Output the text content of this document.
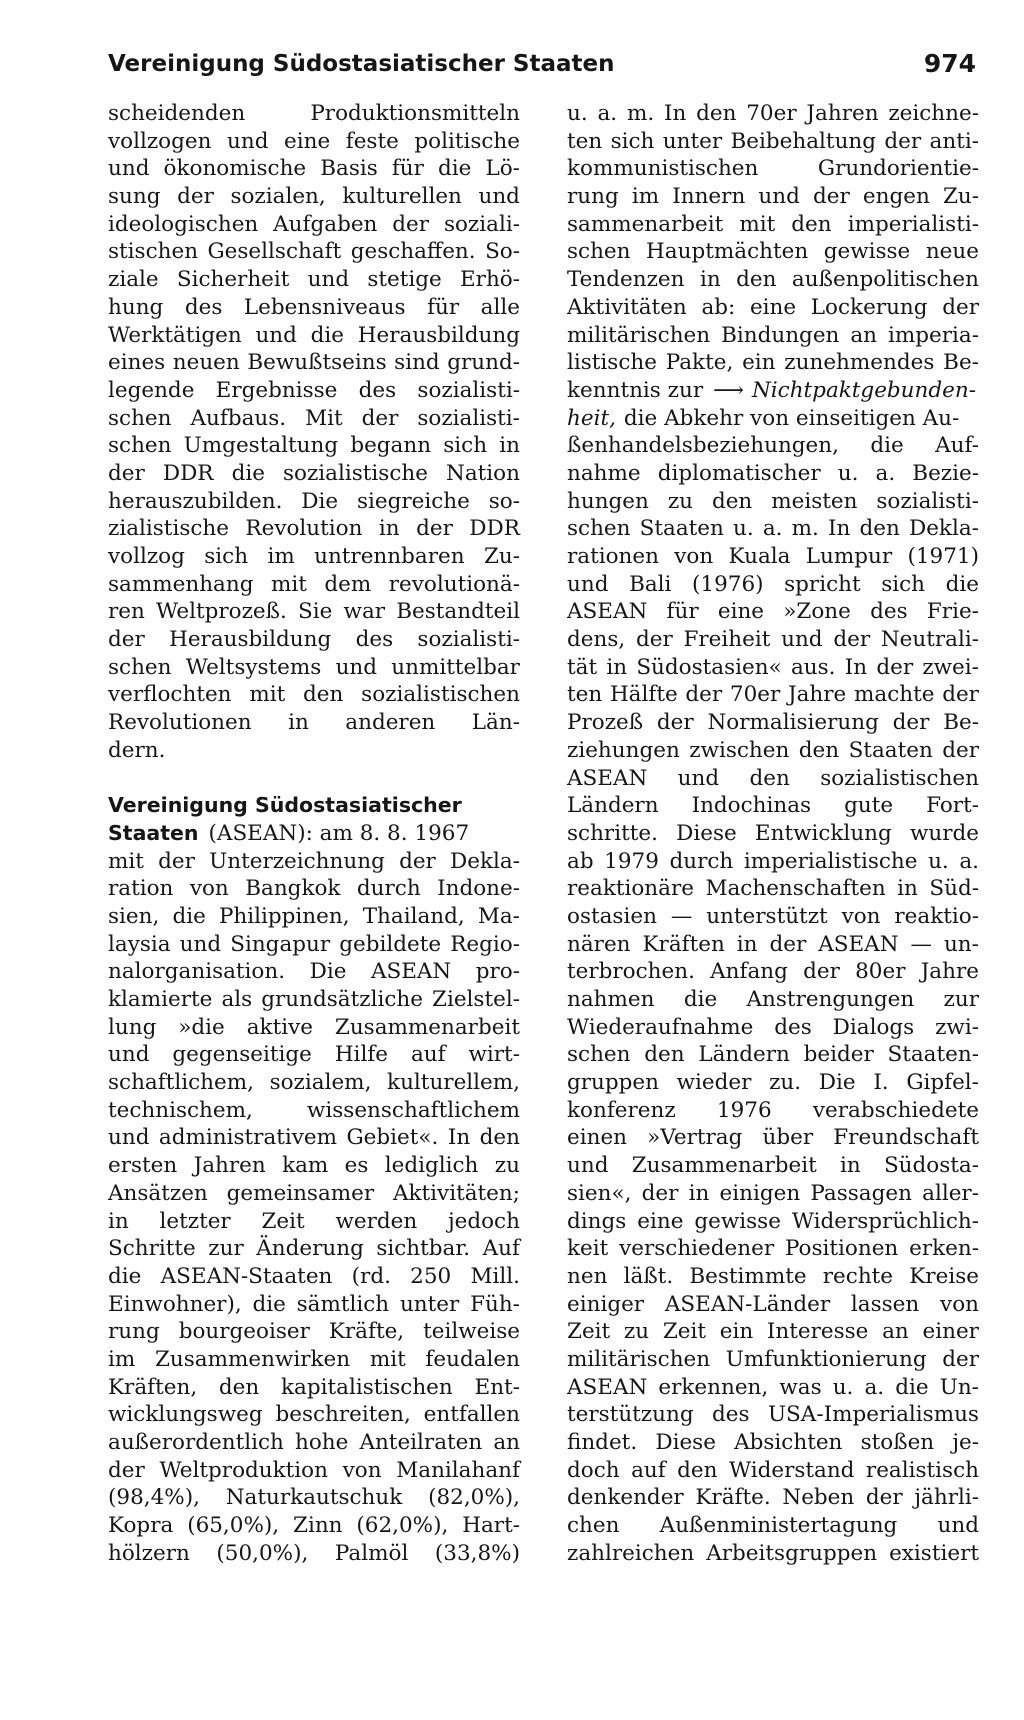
Vereinigung Südostasiatischer Staaten	974
scheidenden	Produktionsmitteln
vollzogen und eine feste politische
und ökonomische Basis für die Lö-
sung der sozialen, kulturellen und
ideologischen Aufgaben der soziali-
stischen Gesellschaft geschaffen. So-
ziale Sicherheit und stetige Erhö-
hung des Lebensniveaus für alle
Werktätigen und die Herausbildung
eines neuen Bewußtseins sind grund-
legende Ergebnisse des sozialisti-
schen Aufbaus. Mit der sozialisti-
schen Umgestaltung begann sich in
der DDR die sozialistische Nation
herauszubilden. Die siegreiche so-
zialistische Revolution in der DDR
vollzog sich im untrennbaren Zu-
sammenhang mit dem revolutionä-
ren Weltprozeß. Sie war Bestandteil
der Herausbildung des sozialisti-
schen Weltsystems und unmittelbar
verflochten mit den sozialistischen
Revolutionen in anderen Län-
dern.
Vereinigung Südostasiatischer
Staaten (ASEAN): am 8. 8. 1967
mit der Unterzeichnung der Dekla-
ration von Bangkok durch Indone-
sien, die Philippinen, Thailand, Ma-
laysia und Singapur gebildete Regio-
nalorganisation. Die ASEAN pro-
klamierte als grundsätzliche Zielstel-
lung »die aktive Zusammenarbeit
und gegenseitige Hilfe auf wirt-
schaftlichem, sozialem, kulturellem,
technischem,	wissenschaftlichem
und administrativem Gebiet«. In den
ersten Jahren kam es lediglich zu
Ansätzen gemeinsamer Aktivitäten;
in letzter Zeit werden jedoch
Schritte zur Änderung sichtbar. Auf
die ASEAN-Staaten (rd. 250 Mill.
Einwohner), die sämtlich unter Füh-
rung bourgeoiser Kräfte, teilweise
im Zusammenwirken mit feudalen
Kräften, den kapitalistischen Ent-
wicklungsweg beschreiten, entfallen
außerordentlich hohe Anteilraten an
der Weltproduktion von Manilahanf
(98,4%), Naturkautschuk (82,0%),
Kopra (65,0%), Zinn (62,0%), Hart-
hölzern (50,0%), Palmöl (33,8%)
u. a. m. In den 70er Jahren zeichne-
ten sich unter Beibehaltung der anti-
kommunistischen	Grundorientie-
rung im Innern und der engen Zu-
sammenarbeit mit den imperialisti-
schen Hauptmächten gewisse neue
Tendenzen in den außenpolitischen
Aktivitäten ab: eine Lockerung der
militärischen Bindungen an imperia-
listische Pakte, ein zunehmendes Be-
kenntnis zur ⟶ Nichtpaktgebunden-
heit, die Abkehr von einseitigen Au-
ßenhandelsbeziehungen, die Auf-
nahme diplomatischer u. a. Bezie-
hungen zu den meisten sozialisti-
schen Staaten u. a. m. In den Dekla-
rationen von Kuala Lumpur (1971)
und Bali (1976) spricht sich die
ASEAN für eine »Zone des Frie-
dens, der Freiheit und der Neutrali-
tät in Südostasien« aus. In der zwei-
ten Hälfte der 70er Jahre machte der
Prozeß der Normalisierung der Be-
ziehungen zwischen den Staaten der
ASEAN und den sozialistischen
Ländern Indochinas gute Fort-
schritte. Diese Entwicklung wurde
ab 1979 durch imperialistische u. a.
reaktionäre Machenschaften in Süd-
ostasien — unterstützt von reaktio-
nären Kräften in der ASEAN — un-
terbrochen. Anfang der 80er Jahre
nahmen die Anstrengungen zur
Wiederaufnahme des Dialogs zwi-
schen den Ländern beider Staaten-
gruppen wieder zu. Die I. Gipfel-
konferenz 1976 verabschiedete
einen »Vertrag über Freundschaft
und Zusammenarbeit in Südosta-
sien«, der in einigen Passagen aller-
dings eine gewisse Widersprüchlich-
keit verschiedener Positionen erken-
nen läßt. Bestimmte rechte Kreise
einiger ASEAN-Länder lassen von
Zeit zu Zeit ein Interesse an einer
militärischen Umfunktionierung der
ASEAN erkennen, was u. a. die Un-
terstützung des USA-Imperialismus
findet. Diese Absichten stoßen je-
doch auf den Widerstand realistisch
denkender Kräfte. Neben der jährli-
chen Außenministertagung und
zahlreichen Arbeitsgruppen existiert
